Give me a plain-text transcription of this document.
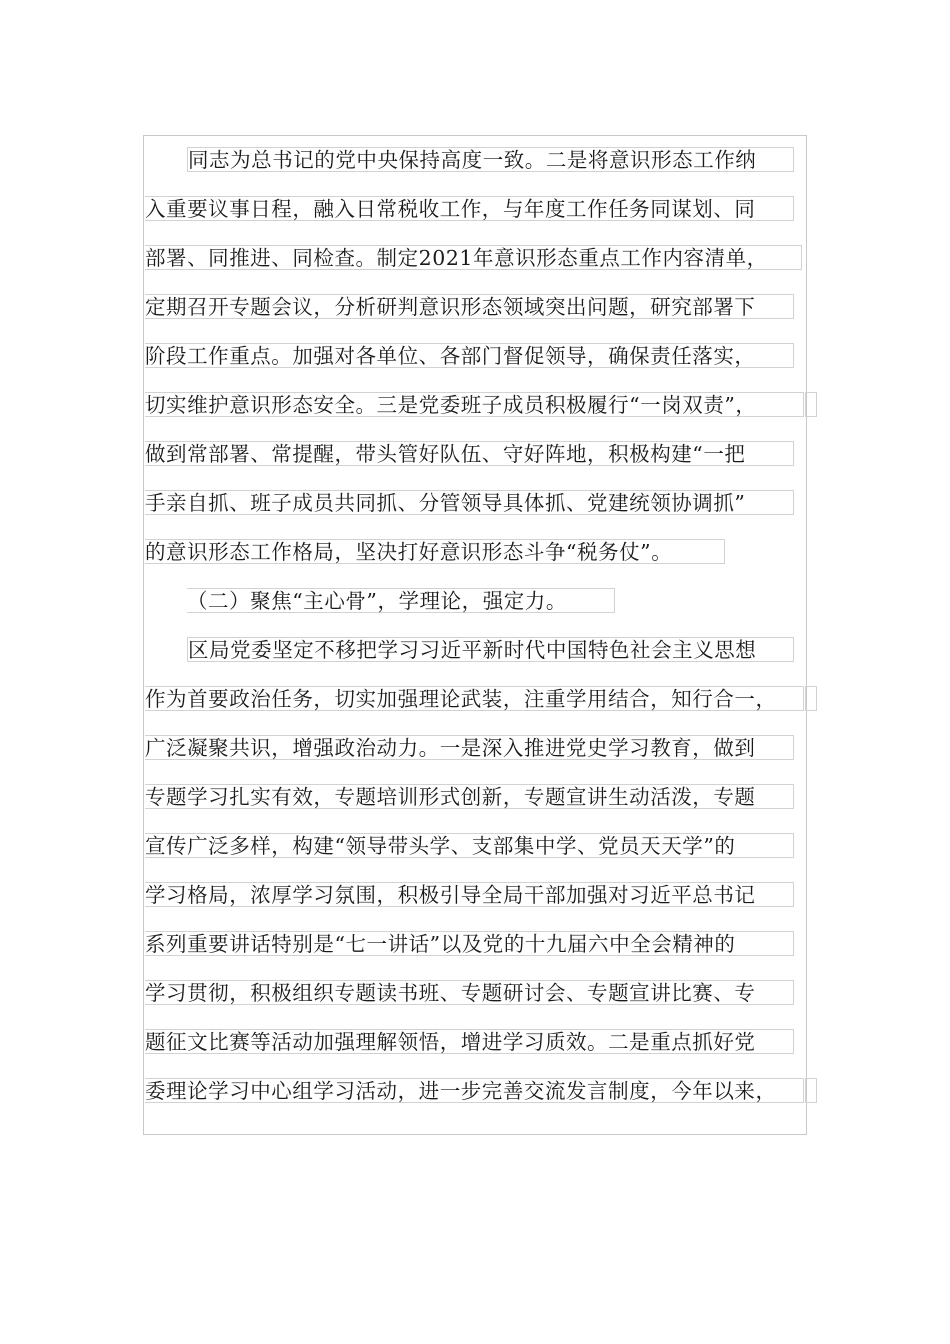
同志为总书记的党中央保持高度一致。二是将意识形态工作纳
入重要议事日程，融入日常税收工作，与年度工作任务同谋划、同
部署、同推进、同检查。制定2021年意识形态重点工作内容清单，
定期召开专题会议，分析研判意识形态领域突出问题，研究部署下
阶段工作重点。加强对各单位、各部门督促领导，确保责任落实，
切实维护意识形态安全。三是党委班子成员积极履行“一岗双责”，
做到常部署、常提醒，带头管好队伍、守好阵地，积极构建“一把
手亲自抓、班子成员共同抓、分管领导具体抓、党建统领协调抓”
的意识形态工作格局，坚决打好意识形态斗争“税务仗”。
（二）聚焦“主心骨”，学理论，强定力。
区局党委坚定不移把学习习近平新时代中国特色社会主义思想
作为首要政治任务，切实加强理论武装，注重学用结合，知行合一，
广泛凝聚共识，增强政治动力。一是深入推进党史学习教育，做到
专题学习扎实有效，专题培训形式创新，专题宣讲生动活泼，专题
宣传广泛多样，构建“领导带头学、支部集中学、党员天天学”的
学习格局，浓厚学习氛围，积极引导全局干部加强对习近平总书记
系列重要讲话特别是“七一讲话”以及党的十九届六中全会精神的
学习贯彻，积极组织专题读书班、专题研讨会、专题宣讲比赛、专
题征文比赛等活动加强理解领悟，增进学习质效。二是重点抓好党
委理论学习中心组学习活动，进一步完善交流发言制度，今年以来，
